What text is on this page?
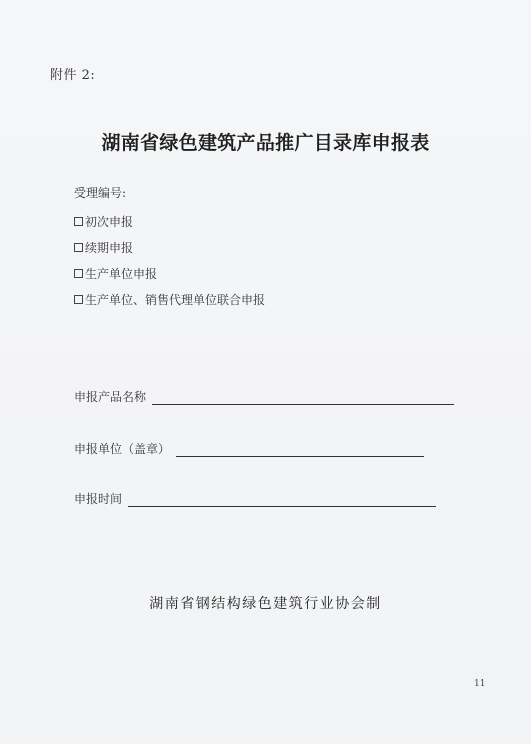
附件 2:
湖南省绿色建筑产品推广目录库申报表
受理编号:
初次申报
续期申报
生产单位申报
生产单位、销售代理单位联合申报
申报产品名称
申报单位（盖章）
申报时间
湖南省钢结构绿色建筑行业协会制
11
